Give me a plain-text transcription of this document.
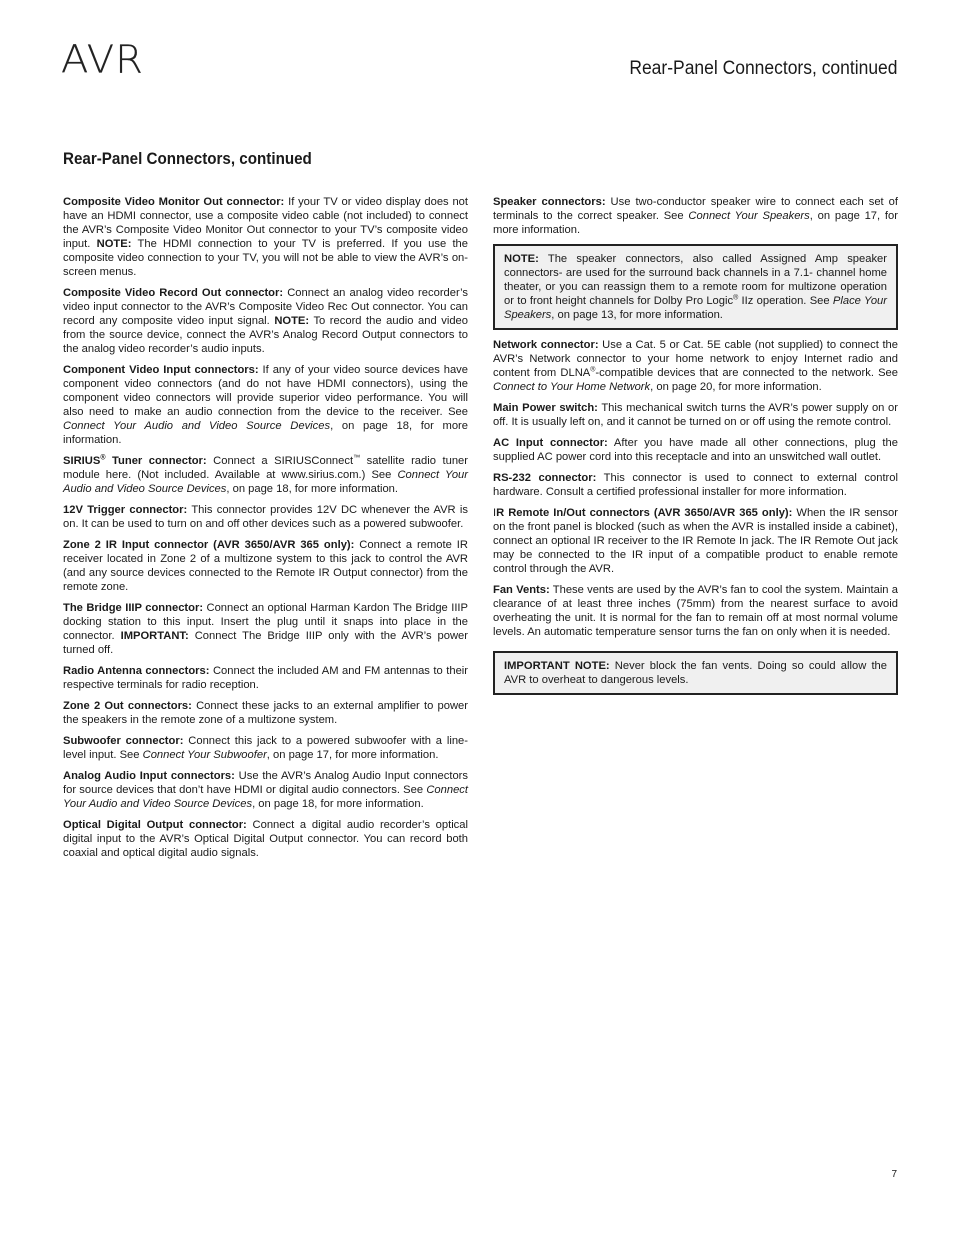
AVR	Rear-Panel Connectors, continued
Rear-Panel Connectors, continued

Composite Video Monitor Out connector: If your TV or video display does not have an HDMI connector, use a composite video cable (not included) to connect the AVR’s Composite Video Monitor Out connector to your TV’s composite video input. NOTE: The HDMI connection to your TV is preferred. If you use the composite video connection to your TV, you will not be able to view the AVR’s on-screen menus.

Composite Video Record Out connector: Connect an analog video recorder’s video input connector to the AVR’s Composite Video Rec Out connector. You can record any composite video input signal. NOTE: To record the audio and video from the source device, connect the AVR’s Analog Record Output connectors to the analog video recorder’s audio inputs.

Component Video Input connectors: If any of your video source devices have component video connectors (and do not have HDMI connectors), using the component video connectors will provide superior video performance. You will also need to make an audio connection from the device to the receiver. See Connect Your Audio and Video Source Devices, on page 18, for more information.

SIRIUS® Tuner connector: Connect a SIRIUSConnect™ satellite radio tuner module here. (Not included. Available at www.sirius.com.) See Connect Your Audio and Video Source Devices, on page 18, for more information.

12V Trigger connector: This connector provides 12V DC whenever the AVR is on. It can be used to turn on and off other devices such as a powered subwoofer.

Zone 2 IR Input connector (AVR 3650/AVR 365 only): Connect a remote IR receiver located in Zone 2 of a multizone system to this jack to control the AVR (and any source devices connected to the Remote IR Output connector) from the remote zone.

The Bridge IIIP connector: Connect an optional Harman Kardon The Bridge IIIP docking station to this input. Insert the plug until it snaps into place in the connector. IMPORTANT: Connect The Bridge IIIP only with the AVR’s power turned off.

Radio Antenna connectors: Connect the included AM and FM antennas to their respective terminals for radio reception.

Zone 2 Out connectors: Connect these jacks to an external amplifier to power the speakers in the remote zone of a multizone system.

Subwoofer connector: Connect this jack to a powered subwoofer with a line-level input. See Connect Your Subwoofer, on page 17, for more information.

Analog Audio Input connectors: Use the AVR’s Analog Audio Input connectors for source devices that don’t have HDMI or digital audio connectors. See Connect Your Audio and Video Source Devices, on page 18, for more information.

Optical Digital Output connector: Connect a digital audio recorder’s optical digital input to the AVR’s Optical Digital Output connector. You can record both coaxial and optical digital audio signals.

Speaker connectors: Use two-conductor speaker wire to connect each set of terminals to the correct speaker. See Connect Your Speakers, on page 17, for more information.

NOTE: The speaker connectors, also called Assigned Amp speaker connectors- are used for the surround back channels in a 7.1- channel home theater, or you can reassign them to a remote room for multizone operation or to front height channels for Dolby Pro Logic® IIz operation. See Place Your Speakers, on page 13, for more information.

Network connector: Use a Cat. 5 or Cat. 5E cable (not supplied) to connect the AVR’s Network connector to your home network to enjoy Internet radio and content from DLNA®-compatible devices that are connected to the network. See Connect to Your Home Network, on page 20, for more information.

Main Power switch: This mechanical switch turns the AVR’s power supply on or off. It is usually left on, and it cannot be turned on or off using the remote control.

AC Input connector: After you have made all other connections, plug the supplied AC power cord into this receptacle and into an unswitched wall outlet.

RS-232 connector: This connector is used to connect to external control hardware. Consult a certified professional installer for more information.

IR Remote In/Out connectors (AVR 3650/AVR 365 only): When the IR sensor on the front panel is blocked (such as when the AVR is installed inside a cabinet), connect an optional IR receiver to the IR Remote In jack. The IR Remote Out jack may be connected to the IR input of a compatible product to enable remote control through the AVR.

Fan Vents: These vents are used by the AVR’s fan to cool the system. Maintain a clearance of at least three inches (75mm) from the nearest surface to avoid overheating the unit. It is normal for the fan to remain off at most normal volume levels. An automatic temperature sensor turns the fan on only when it is needed.

IMPORTANT NOTE: Never block the fan vents. Doing so could allow the AVR to overheat to dangerous levels.

7
